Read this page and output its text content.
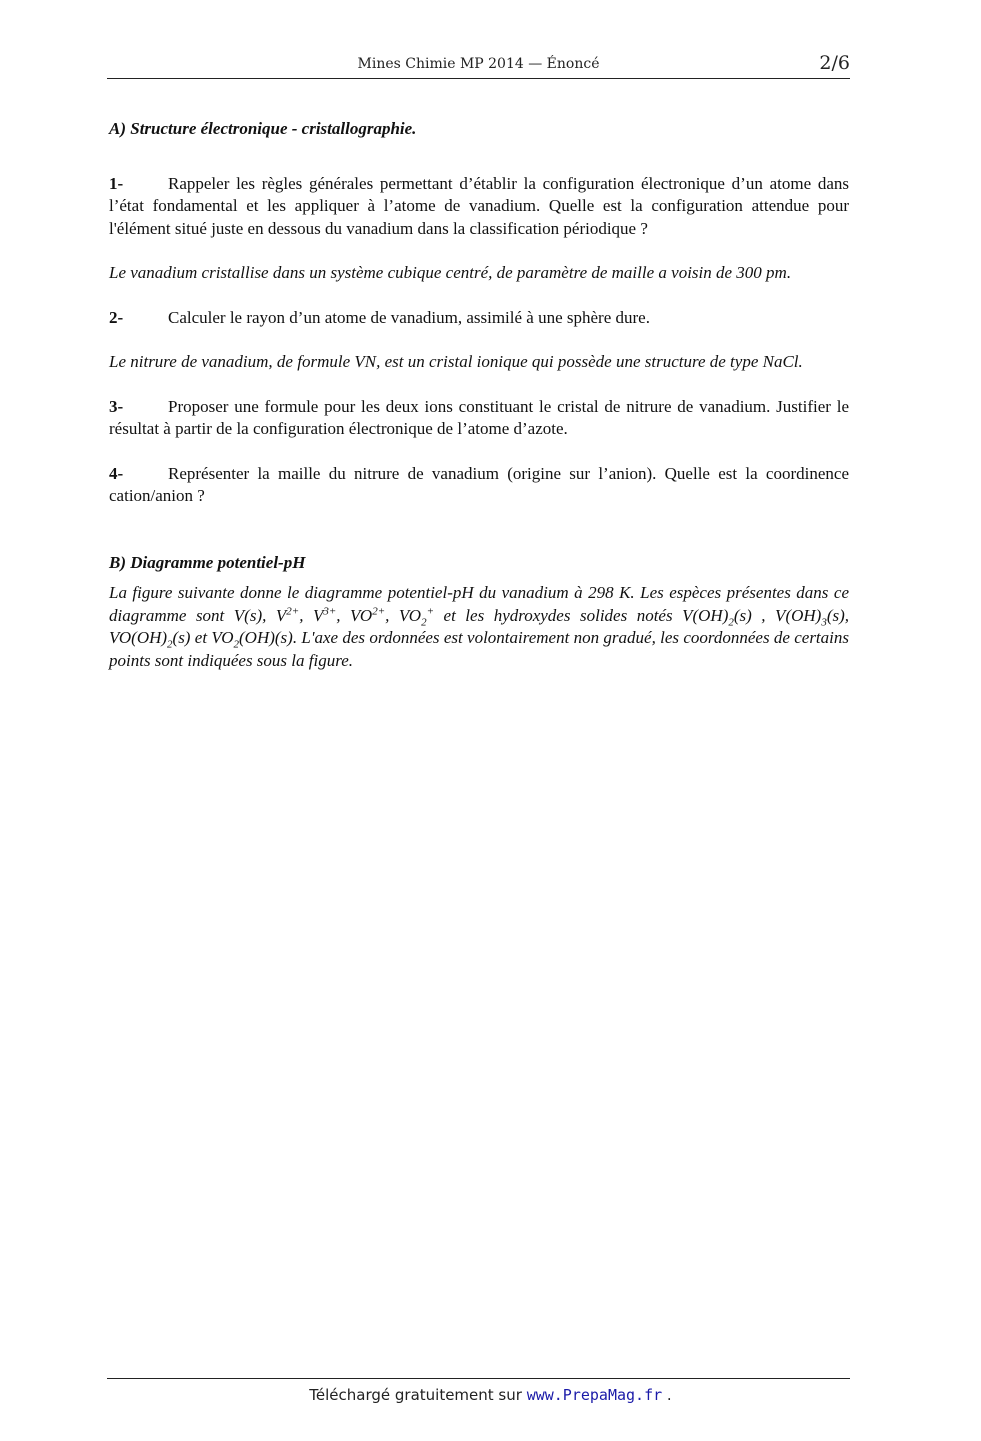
Mines Chimie MP 2014 — Énoncé	2/6

A) Structure électronique - cristallographie.

1-	Rappeler les règles générales permettant d’établir la configuration électronique d’un atome dans l’état fondamental et les appliquer à l’atome de vanadium. Quelle est la configuration attendue pour l'élément situé juste en dessous du vanadium dans la classification périodique ?

Le vanadium cristallise dans un système cubique centré, de paramètre de maille a voisin de 300 pm.

2-	Calculer le rayon d’un atome de vanadium, assimilé à une sphère dure.

Le nitrure de vanadium, de formule VN, est un cristal ionique qui possède une structure de type NaCl.

3-	Proposer une formule pour les deux ions constituant le cristal de nitrure de vanadium. Justifier le résultat à partir de la configuration électronique de l’atome d’azote.

4-	Représenter la maille du nitrure de vanadium (origine sur l’anion). Quelle est la coordinence cation/anion ?

B) Diagramme potentiel-pH

La figure suivante donne le diagramme potentiel-pH du vanadium à 298 K. Les espèces présentes dans ce diagramme sont V(s), $V^{2+}$, $V^{3+}$, $VO^{2+}$, $VO_2^+$ et les hydroxydes solides notés $V(OH)_2(s)$ , $V(OH)_3(s)$, $VO(OH)_2(s)$ et $VO_2(OH)(s)$. L'axe des ordonnées est volontairement non gradué, les coordonnées de certains points sont indiquées sous la figure.

Téléchargé gratuitement sur www.PrepaMag.fr .
